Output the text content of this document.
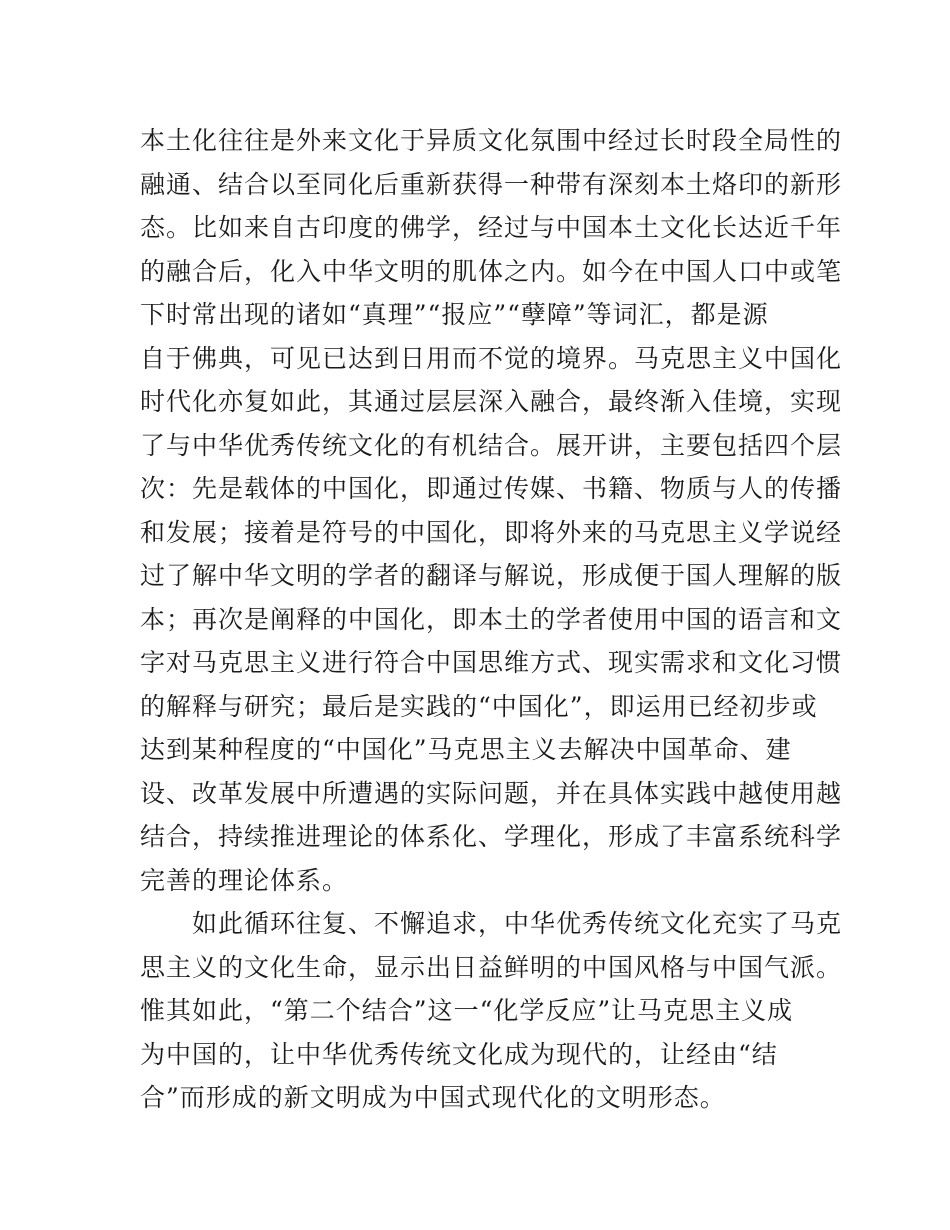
本土化往往是外来文化于异质文化氛围中经过长时段全局性的
融通、结合以至同化后重新获得一种带有深刻本土烙印的新形
态。比如来自古印度的佛学，经过与中国本土文化长达近千年
的融合后，化入中华文明的肌体之内。如今在中国人口中或笔
下时常出现的诸如“真理”“报应”“孽障”等词汇，都是源
自于佛典，可见已达到日用而不觉的境界。马克思主义中国化
时代化亦复如此，其通过层层深入融合，最终渐入佳境，实现
了与中华优秀传统文化的有机结合。展开讲，主要包括四个层
次：先是载体的中国化，即通过传媒、书籍、物质与人的传播
和发展；接着是符号的中国化，即将外来的马克思主义学说经
过了解中华文明的学者的翻译与解说，形成便于国人理解的版
本；再次是阐释的中国化，即本土的学者使用中国的语言和文
字对马克思主义进行符合中国思维方式、现实需求和文化习惯
的解释与研究；最后是实践的“中国化”，即运用已经初步或
达到某种程度的“中国化”马克思主义去解决中国革命、建
设、改革发展中所遭遇的实际问题，并在具体实践中越使用越
结合，持续推进理论的体系化、学理化，形成了丰富系统科学
完善的理论体系。
如此循环往复、不懈追求，中华优秀传统文化充实了马克
思主义的文化生命，显示出日益鲜明的中国风格与中国气派。
惟其如此，“第二个结合”这一“化学反应”让马克思主义成
为中国的，让中华优秀传统文化成为现代的，让经由“结
合”而形成的新文明成为中国式现代化的文明形态。
